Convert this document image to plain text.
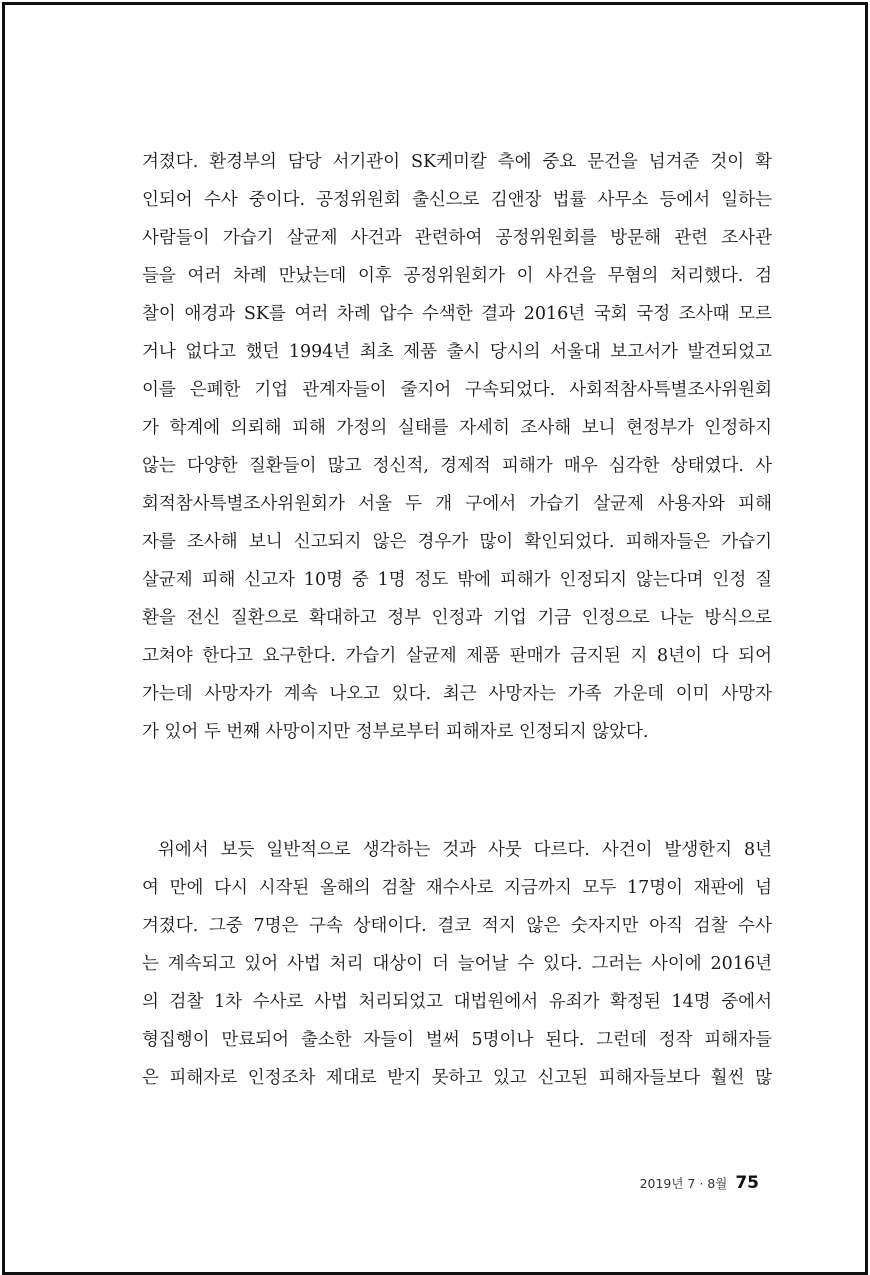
겨졌다. 환경부의 담당 서기관이 SK케미칼 측에 중요 문건을 넘겨준 것이 확
인되어 수사 중이다. 공정위원회 출신으로 김앤장 법률 사무소 등에서 일하는
사람들이 가습기 살균제 사건과 관련하여 공정위원회를 방문해 관련 조사관
들을 여러 차례 만났는데 이후 공정위원회가 이 사건을 무혐의 처리했다. 검
찰이 애경과 SK를 여러 차례 압수 수색한 결과 2016년 국회 국정 조사때 모르
거나 없다고 했던 1994년 최초 제품 출시 당시의 서울대 보고서가 발견되었고
이를 은폐한 기업 관계자들이 줄지어 구속되었다. 사회적참사특별조사위원회
가 학계에 의뢰해 피해 가정의 실태를 자세히 조사해 보니 현정부가 인정하지
않는 다양한 질환들이 많고 정신적, 경제적 피해가 매우 심각한 상태였다. 사
회적참사특별조사위원회가 서울 두 개 구에서 가습기 살균제 사용자와 피해
자를 조사해 보니 신고되지 않은 경우가 많이 확인되었다. 피해자들은 가습기
살균제 피해 신고자 10명 중 1명 정도 밖에 피해가 인정되지 않는다며 인정 질
환을 전신 질환으로 확대하고 정부 인정과 기업 기금 인정으로 나눈 방식으로
고쳐야 한다고 요구한다. 가습기 살균제 제품 판매가 금지된 지 8년이 다 되어
가는데 사망자가 계속 나오고 있다. 최근 사망자는 가족 가운데 이미 사망자
가 있어 두 번째 사망이지만 정부로부터 피해자로 인정되지 않았다.
위에서 보듯 일반적으로 생각하는 것과 사뭇 다르다. 사건이 발생한지 8년
여 만에 다시 시작된 올해의 검찰 재수사로 지금까지 모두 17명이 재판에 넘
겨졌다. 그중 7명은 구속 상태이다. 결코 적지 않은 숫자지만 아직 검찰 수사
는 계속되고 있어 사법 처리 대상이 더 늘어날 수 있다. 그러는 사이에 2016년
의 검찰 1차 수사로 사법 처리되었고 대법원에서 유죄가 확정된 14명 중에서
형집행이 만료되어 출소한 자들이 벌써 5명이나 된다. 그런데 정작 피해자들
은 피해자로 인정조차 제대로 받지 못하고 있고 신고된 피해자들보다 훨씬 많
2019년 7 · 8월 75
